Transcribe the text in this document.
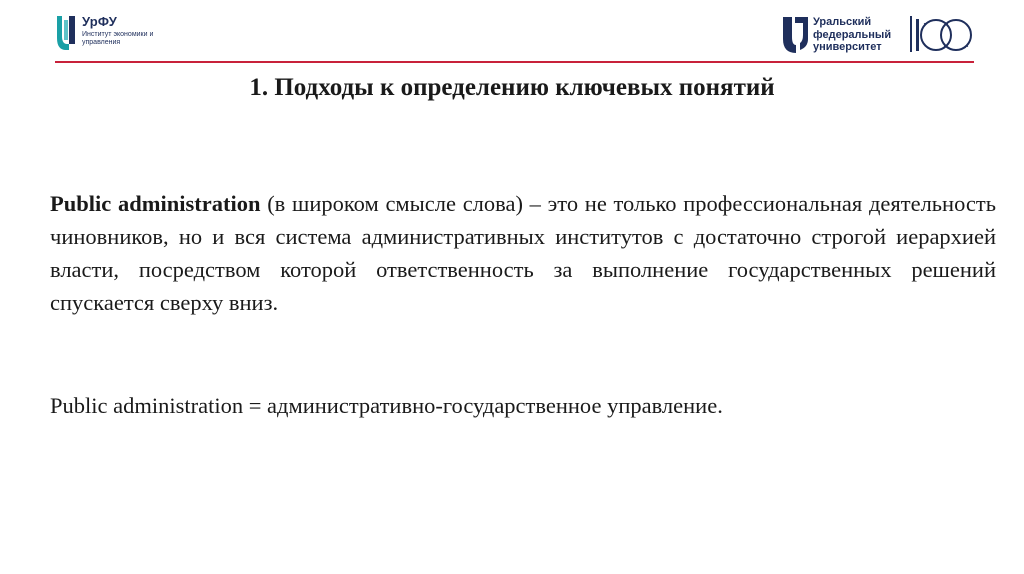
УрФУ
Институт экономики и управления
Уральский
федеральный
университет
1. Подходы к определению ключевых понятий

Public administration (в широком смысле слова) – это не только профессиональная деятельность чиновников, но и вся система административных институтов с достаточно строгой иерархией власти, посредством которой ответственность за выполнение государственных решений спускается сверху вниз.

Public administration = административно-государственное управление.
